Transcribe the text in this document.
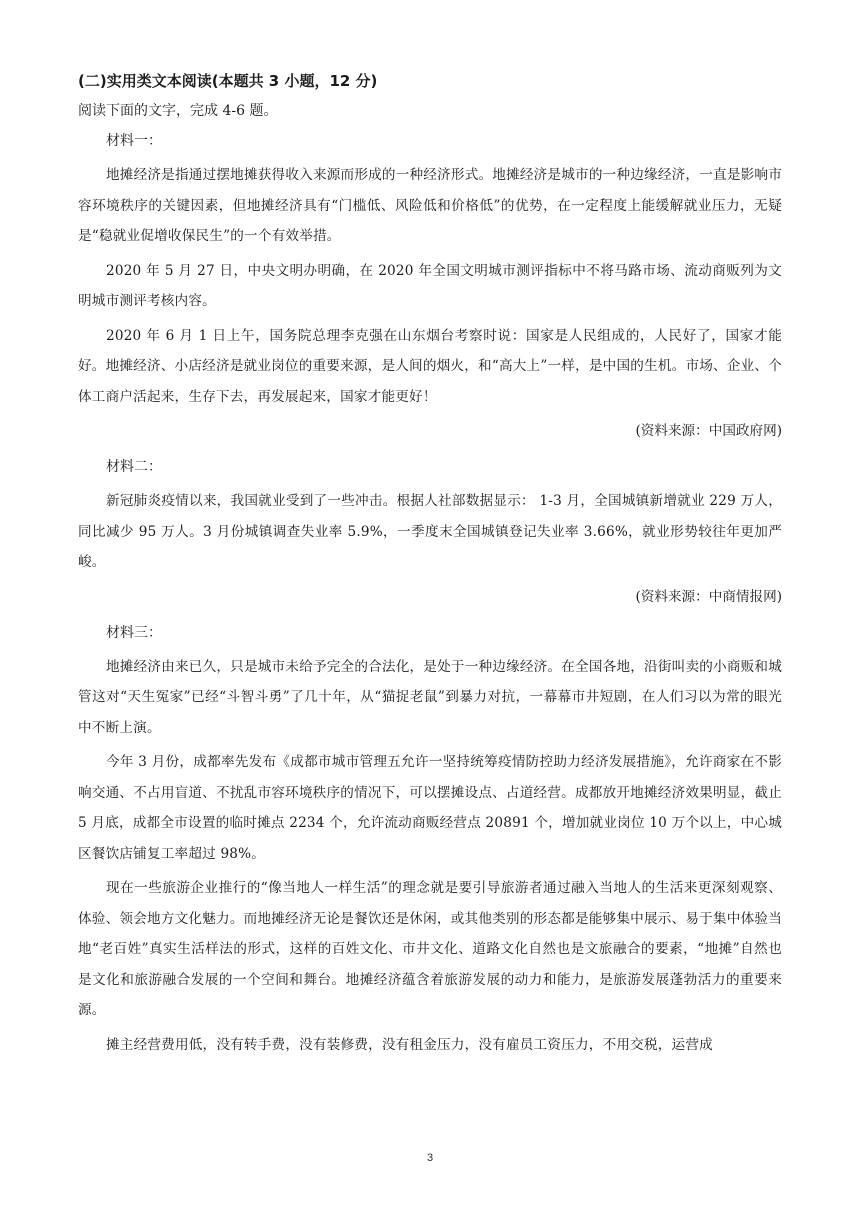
(二)实用类文本阅读(本题共 3 小题，12 分)

阅读下面的文字，完成 4-6 题。

材料一：

地摊经济是指通过摆地摊获得收入来源而形成的一种经济形式。地摊经济是城市的一种边缘经济，一直是影响市容环境秩序的关键因素，但地摊经济具有“门槛低、风险低和价格低”的优势，在一定程度上能缓解就业压力，无疑是“稳就业促增收保民生”的一个有效举措。

2020 年 5 月 27 日，中央文明办明确，在 2020 年全国文明城市测评指标中不将马路市场、流动商贩列为文明城市测评考核内容。

2020 年 6 月 1 日上午，国务院总理李克强在山东烟台考察时说：国家是人民组成的，人民好了，国家才能好。地摊经济、小店经济是就业岗位的重要来源，是人间的烟火，和“高大上”一样，是中国的生机。市场、企业、个体工商户活起来，生存下去，再发展起来，国家才能更好！

(资料来源：中国政府网)

材料二：

新冠肺炎疫情以来，我国就业受到了一些冲击。根据人社部数据显示： 1-3 月，全国城镇新增就业 229 万人，同比减少 95 万人。3 月份城镇调查失业率 5.9%，一季度末全国城镇登记失业率 3.66%，就业形势较往年更加严峻。

(资料来源：中商情报网)

材料三：

地摊经济由来已久，只是城市未给予完全的合法化，是处于一种边缘经济。在全国各地，沿街叫卖的小商贩和城管这对“天生冤家”已经“斗智斗勇”了几十年，从“猫捉老鼠”到暴力对抗，一幕幕市井短剧，在人们习以为常的眼光中不断上演。

今年 3 月份，成都率先发布《成都市城市管理五允许一坚持统筹疫情防控助力经济发展措施》，允许商家在不影响交通、不占用盲道、不扰乱市容环境秩序的情况下，可以摆摊设点、占道经营。成都放开地摊经济效果明显，截止 5 月底，成都全市设置的临时摊点 2234 个，允许流动商贩经营点 20891 个，增加就业岗位 10 万个以上，中心城区餐饮店铺复工率超过 98%。

现在一些旅游企业推行的“像当地人一样生活”的理念就是要引导旅游者通过融入当地人的生活来更深刻观察、体验、领会地方文化魅力。而地摊经济无论是餐饮还是休闲，或其他类别的形态都是能够集中展示、易于集中体验当地“老百姓”真实生活样法的形式，这样的百姓文化、市井文化、道路文化自然也是文旅融合的要素，“地摊”自然也是文化和旅游融合发展的一个空间和舞台。地摊经济蕴含着旅游发展的动力和能力，是旅游发展蓬勃活力的重要来源。

摊主经营费用低，没有转手费，没有装修费，没有租金压力，没有雇员工资压力，不用交税，运营成

3
